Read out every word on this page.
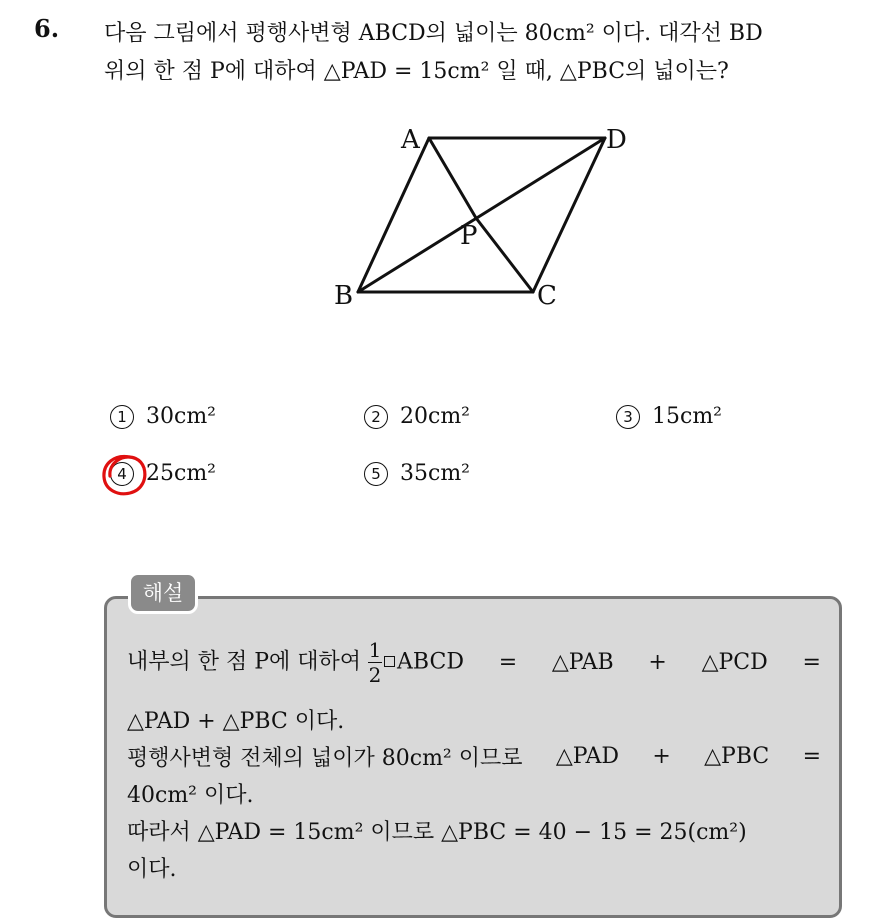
6. 다음 그림에서 평행사변형 ABCD의 넓이는 80cm² 이다. 대각선 BD
위의 한 점 P에 대하여 △PAD = 15cm² 일 때, △PBC의 넓이는?
A	D
B	C
P
1 30cm²	2 20cm²	3 15cm²
4 25cm²	5 35cm²
해설
내부의 한 점 P에 대하여 $\frac{1}{2}$ ABCD = △PAB + △PCD =
△PAD + △PBC 이다.
평행사변형 전체의 넓이가 80cm² 이므로 △PAD + △PBC =
40cm² 이다.
따라서 △PAD = 15cm² 이므로 △PBC = 40 − 15 = 25(cm²)
이다.
